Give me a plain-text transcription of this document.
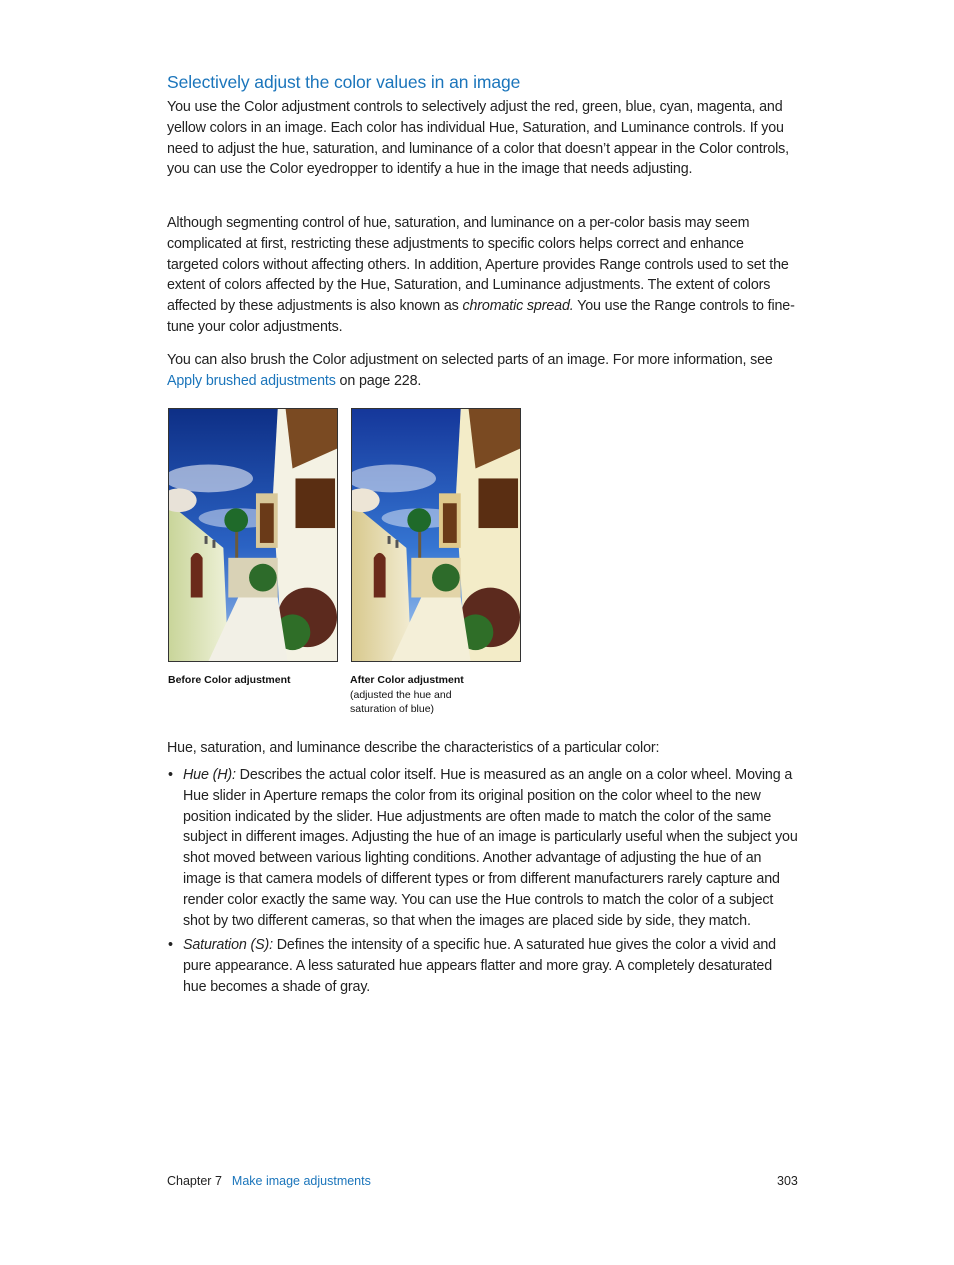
Selectively adjust the color values in an image

You use the Color adjustment controls to selectively adjust the red, green, blue, cyan, magenta, and yellow colors in an image. Each color has individual Hue, Saturation, and Luminance controls. If you need to adjust the hue, saturation, and luminance of a color that doesn’t appear in the Color controls, you can use the Color eyedropper to identify a hue in the image that needs adjusting.

Although segmenting control of hue, saturation, and luminance on a per-color basis may seem complicated at first, restricting these adjustments to specific colors helps correct and enhance targeted colors without affecting others. In addition, Aperture provides Range controls used to set the extent of colors affected by the Hue, Saturation, and Luminance adjustments. The extent of colors affected by these adjustments is also known as chromatic spread. You use the Range controls to fine-tune your color adjustments.

You can also brush the Color adjustment on selected parts of an image. For more information, see Apply brushed adjustments on page 228.

Before Color adjustment	After Color adjustment
(adjusted the hue and
saturation of blue)

Hue, saturation, and luminance describe the characteristics of a particular color:

• Hue (H): Describes the actual color itself. Hue is measured as an angle on a color wheel. Moving a Hue slider in Aperture remaps the color from its original position on the color wheel to the new position indicated by the slider. Hue adjustments are often made to match the color of the same subject in different images. Adjusting the hue of an image is particularly useful when the subject you shot moved between various lighting conditions. Another advantage of adjusting the hue of an image is that camera models of different types or from different manufacturers rarely capture and render color exactly the same way. You can use the Hue controls to match the color of a subject shot by two different cameras, so that when the images are placed side by side, they match.
• Saturation (S): Defines the intensity of a specific hue. A saturated hue gives the color a vivid and pure appearance. A less saturated hue appears flatter and more gray. A completely desaturated hue becomes a shade of gray.
Chapter 7 Make image adjustments	303
